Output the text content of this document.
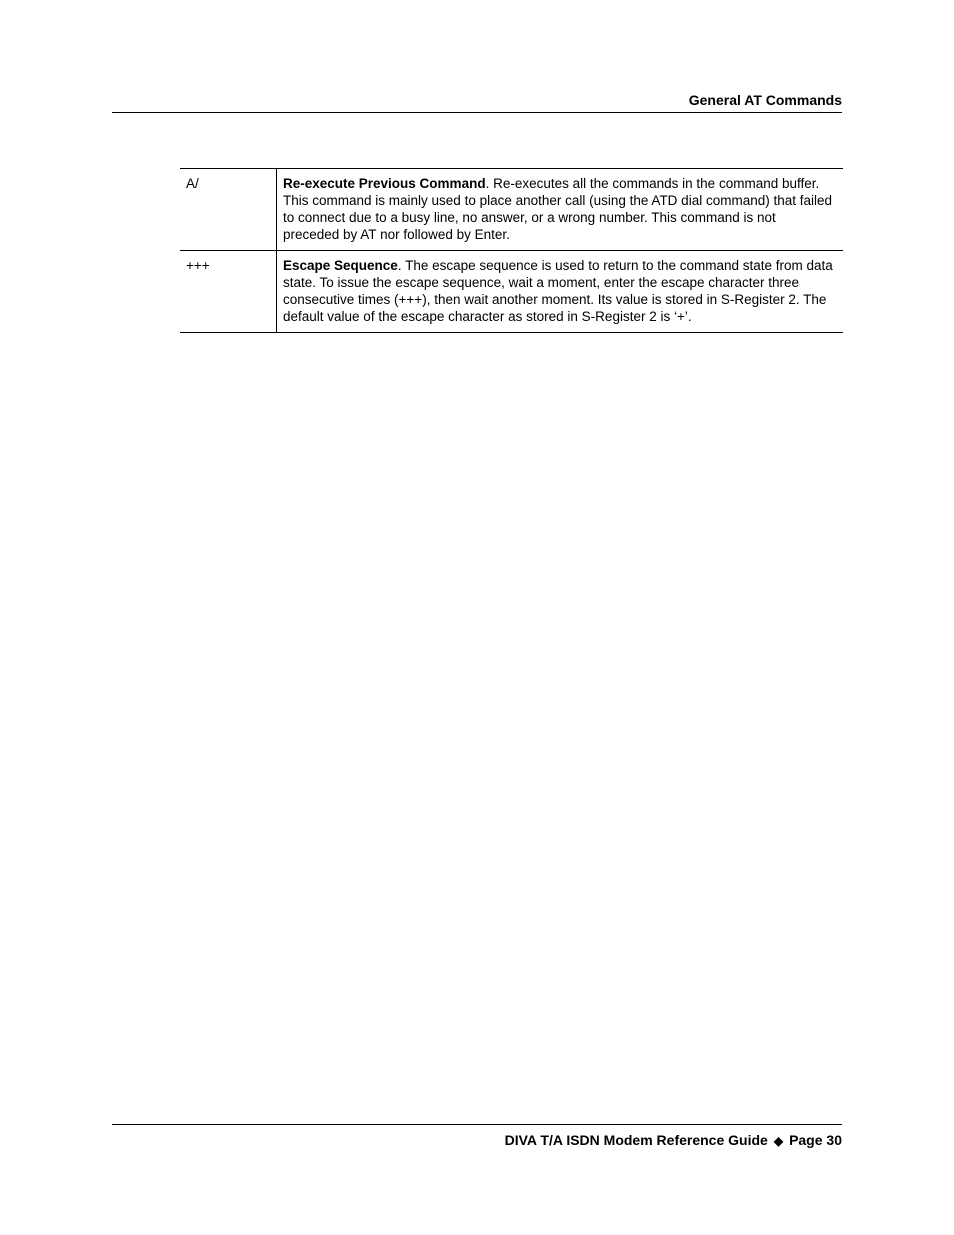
General AT Commands
A/	Re-execute Previous Command. Re-executes all the commands in the command buffer. This command is mainly used to place another call (using the ATD dial command) that failed to connect due to a busy line, no answer, or a wrong number. This command is not preceded by AT nor followed by Enter.
+++	Escape Sequence. The escape sequence is used to return to the command state from data state. To issue the escape sequence, wait a moment, enter the escape character three consecutive times (+++), then wait another moment. Its value is stored in S-Register 2. The default value of the escape character as stored in S-Register 2 is ‘+’.
DIVA T/A ISDN Modem Reference Guide ◆ Page 30
